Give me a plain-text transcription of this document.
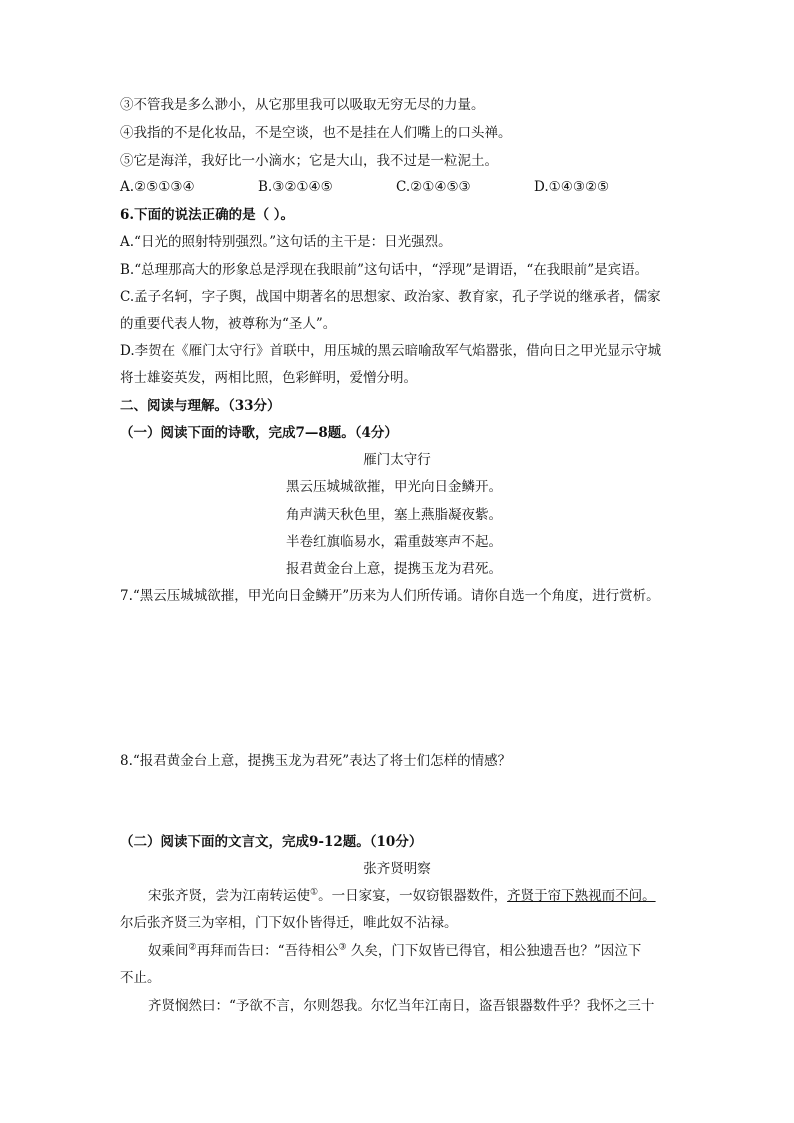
③不管我是多么渺小，从它那里我可以吸取无穷无尽的力量。
④我指的不是化妆品，不是空谈，也不是挂在人们嘴上的口头禅。
⑤它是海洋，我好比一小滴水；它是大山，我不过是一粒泥土。
A.②⑤①③④	B.③②①④⑤	C.②①④⑤③	D.①④③②⑤
6.下面的说法正确的是（ ）。
A.“日光的照射特别强烈。”这句话的主干是：日光强烈。
B.“总理那高大的形象总是浮现在我眼前”这句话中，“浮现”是谓语，“在我眼前”是宾语。
C.孟子名轲，字子舆，战国中期著名的思想家、政治家、教育家，孔子学说的继承者，儒家
的重要代表人物，被尊称为“圣人”。
D.李贺在《雁门太守行》首联中，用压城的黑云暗喻敌军气焰嚣张，借向日之甲光显示守城
将士雄姿英发，两相比照，色彩鲜明，爱憎分明。
二、阅读与理解。（33分）
（一）阅读下面的诗歌，完成7—8题。（4分）
雁门太守行
黑云压城城欲摧，甲光向日金鳞开。
角声满天秋色里，塞上燕脂凝夜紫。
半卷红旗临易水，霜重鼓寒声不起。
报君黄金台上意，提携玉龙为君死。
7.“黑云压城城欲摧，甲光向日金鳞开”历来为人们所传诵。请你自选一个角度，进行赏析。
8.“报君黄金台上意，提携玉龙为君死”表达了将士们怎样的情感？
（二）阅读下面的文言文，完成9-12题。（10分）
张齐贤明察
宋张齐贤，尝为江南转运使①。一日家宴，一奴窃银器数件，齐贤于帘下熟视而不问。
尔后张齐贤三为宰相，门下奴仆皆得迁，唯此奴不沾禄。
奴乘间②再拜而告曰：“吾待相公③ 久矣，门下奴皆已得官，相公独遗吾也？”因泣下
不止。
齐贤悯然曰：“予欲不言，尔则怨我。尔忆当年江南日，盗吾银器数件乎？我怀之三十
